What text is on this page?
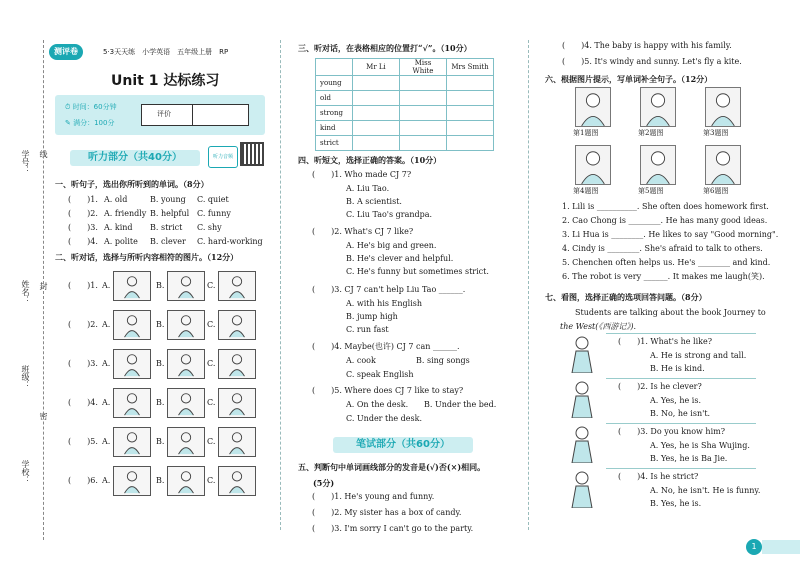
学号：
姓名：
班级：
学校：
线
封
密
测评卷	5·3天天练　小学英语　五年级上册　RP
Unit 1 达标练习
⏱ 时间：60分钟
✎ 满分：100分
评价
听力部分（共40分）	听力音频
一、听句子，选出你所听到的单词。（8分）
(　　)1. A. old	B. young C. quiet
(　　)2. A. friendly B. helpful C. funny
(　　)3. A. kind B. strict C. shy
(　　)4. A. polite B. clever C. hard-working
二、听对话，选择与所听内容相符的图片。（12分）
(　　)1. A.	B.	C.
(　　)2. A.	B.	C.
(　　)3. A.	B.	C.
(　　)4. A.	B.	C.
(　　)5. A.	B.	C.
(　　)6. A.	B.	C.
三、听对话，在表格相应的位置打“√”。（10分）
	Mr Li	Miss White	Mrs Smith
young			
old			
strong			
kind			
strict			
四、听短文，选择正确的答案。（10分）
(　　)1. Who made CJ 7?
A. Liu Tao.
B. A scientist.
C. Liu Tao's grandpa.
(　　)2. What's CJ 7 like?
A. He's big and green.
B. He's clever and helpful.
C. He's funny but sometimes strict.
(　　)3. CJ 7 can't help Liu Tao ______.
A. with his English
B. jump high
C. run fast
(　　)4. Maybe(也许) CJ 7 can ______.
A. cook	B. sing songs
C. speak English
(　　)5. Where does CJ 7 like to stay?
A. On the desk. B. Under the bed.
C. Under the desk.
笔试部分（共60分）
五、判断句中单词画线部分的发音是(√)否(×)相同。
(5分)
(　　)1. He's young and funny.
(　　)2. My sister has a box of candy.
(　　)3. I'm sorry I can't go to the party.
(　　)4. The baby is happy with his family.
(　　)5. It's windy and sunny. Let's fly a kite.
六、根据图片提示，写单词补全句子。（12分）
第1题图	第2题图	第3题图
第4题图	第5题图	第6题图
1. Lili is __________. She often does homework first.
2. Cao Chong is ________. He has many good ideas.
3. Li Hua is ________. He likes to say "Good morning".
4. Cindy is ________. She's afraid to talk to others.
5. Chenchen often helps us. He's ________ and kind.
6. The robot is very ______. It makes me laugh(笑).
七、看图，选择正确的选项回答问题。（8分）
Students are talking about the book Journey to
the West(《西游记》).
(　　)1. What's he like?
A. He is strong and tall.
B. He is kind.
(　　)2. Is he clever?
A. Yes, he is.
B. No, he isn't.
(　　)3. Do you know him?
A. Yes, he is Sha Wujing.
B. Yes, he is Ba Jie.
(　　)4. Is he strict?
A. No, he isn't. He is funny.
B. Yes, he is.
1
